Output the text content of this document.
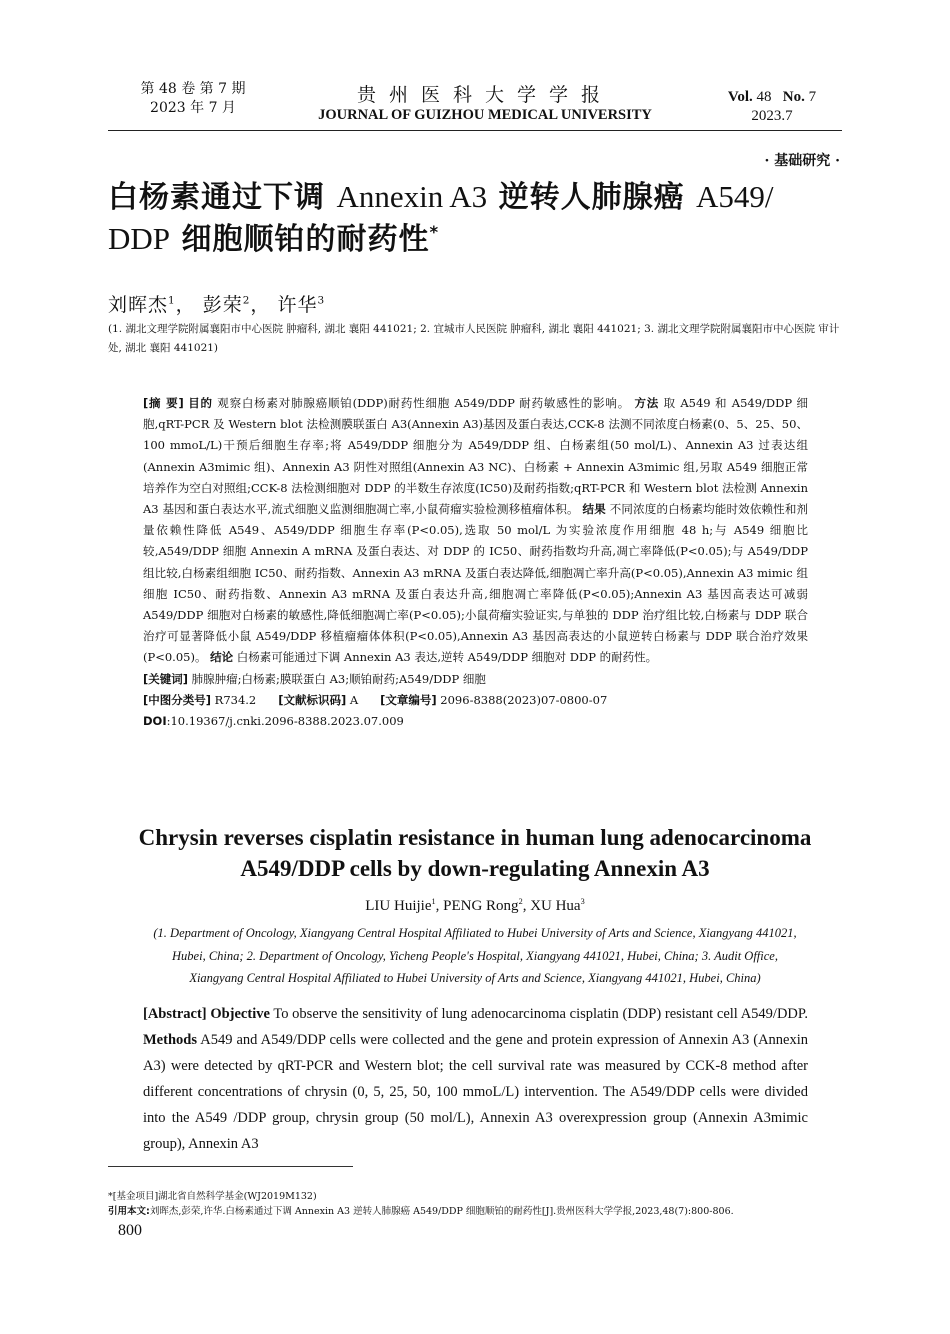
第 48 卷 第 7 期
2023 年 7 月
贵州医科大学学报
JOURNAL OF GUIZHOU MEDICAL UNIVERSITY
Vol. 48 No. 7
2023.7
· 基础研究 ·
白杨素通过下调 Annexin A3 逆转人肺腺癌 A549/
DDP 细胞顺铂的耐药性*
刘晖杰$^1$， 彭荣$^2$， 许华$^3$
(1. 湖北文理学院附属襄阳市中心医院 肿瘤科, 湖北 襄阳 441021; 2. 宜城市人民医院 肿瘤科, 湖北 襄阳 441021; 3. 湖北文理学院附属襄阳市中心医院 审计处, 湖北 襄阳 441021)
[摘 要] 目的 观察白杨素对肺腺癌顺铂(DDP)耐药性细胞 A549/DDP 耐药敏感性的影响。 方法 取 A549 和 A549/DDP 细胞,qRT-PCR 及 Western blot 法检测膜联蛋白 A3(Annexin A3)基因及蛋白表达,CCK-8 法测不同浓度白杨素(0、5、25、50、100 mmoL/L)干预后细胞生存率;将 A549/DDP 细胞分为 A549/DDP 组、白杨素组(50 mol/L)、Annexin A3 过表达组(Annexin A3mimic 组)、Annexin A3 阴性对照组(Annexin A3 NC)、白杨素 + Annexin A3mimic 组,另取 A549 细胞正常培养作为空白对照组;CCK-8 法检测细胞对 DDP 的半数生存浓度(IC50)及耐药指数;qRT-PCR 和 Western blot 法检测 Annexin A3 基因和蛋白表达水平,流式细胞义监测细胞凋亡率,小鼠荷瘤实验检测移植瘤体积。 结果 不同浓度的白杨素均能时效依赖性和剂量依赖性降低 A549、A549/DDP 细胞生存率(P<0.05),选取 50 mol/L 为实验浓度作用细胞 48 h;与 A549 细胞比较,A549/DDP 细胞 Annexin A mRNA 及蛋白表达、对 DDP 的 IC50、耐药指数均升高,凋亡率降低(P<0.05);与 A549/DDP 组比较,白杨素组细胞 IC50、耐药指数、Annexin A3 mRNA 及蛋白表达降低,细胞凋亡率升高(P<0.05),Annexin A3 mimic 组细胞 IC50、耐药指数、Annexin A3 mRNA 及蛋白表达升高,细胞凋亡率降低(P<0.05);Annexin A3 基因高表达可减弱 A549/DDP 细胞对白杨素的敏感性,降低细胞凋亡率(P<0.05);小鼠荷瘤实验证实,与单独的 DDP 治疗组比较,白杨素与 DDP 联合治疗可显著降低小鼠 A549/DDP 移植瘤瘤体体积(P<0.05),Annexin A3 基因高表达的小鼠逆转白杨素与 DDP 联合治疗效果(P<0.05)。 结论 白杨素可能通过下调 Annexin A3 表达,逆转 A549/DDP 细胞对 DDP 的耐药性。
[关键词] 肺腺肿瘤;白杨素;膜联蛋白 A3;顺铂耐药;A549/DDP 细胞
[中图分类号] R734.2 [文献标识码] A [文章编号] 2096-8388(2023)07-0800-07
DOI:10.19367/j.cnki.2096-8388.2023.07.009
Chrysin reverses cisplatin resistance in human lung adenocarcinoma
A549/DDP cells by down-regulating Annexin A3
LIU Huijie$^1$, PENG Rong$^2$, XU Hua$^3$
(1. Department of Oncology, Xiangyang Central Hospital Affiliated to Hubei University of Arts and Science, Xiangyang 441021,
Hubei, China; 2. Department of Oncology, Yicheng People's Hospital, Xiangyang 441021, Hubei, China; 3. Audit Office,
Xiangyang Central Hospital Affiliated to Hubei University of Arts and Science, Xiangyang 441021, Hubei, China)
[Abstract] Objective To observe the sensitivity of lung adenocarcinoma cisplatin (DDP) resistant cell A549/DDP. Methods A549 and A549/DDP cells were collected and the gene and protein expression of Annexin A3 (Annexin A3) were detected by qRT-PCR and Western blot; the cell survival rate was measured by CCK-8 method after different concentrations of chrysin (0, 5, 25, 50, 100 mmoL/L) intervention. The A549/DDP cells were divided into the A549 /DDP group, chrysin group (50 mol/L), Annexin A3 overexpression group (Annexin A3mimic group), Annexin A3
*[基金项目]湖北省自然科学基金(WJ2019M132)
引用本文:刘晖杰,彭荣,许华.白杨素通过下调 Annexin A3 逆转人肺腺癌 A549/DDP 细胞顺铂的耐药性[J].贵州医科大学学报,2023,48(7):800-806.
800
